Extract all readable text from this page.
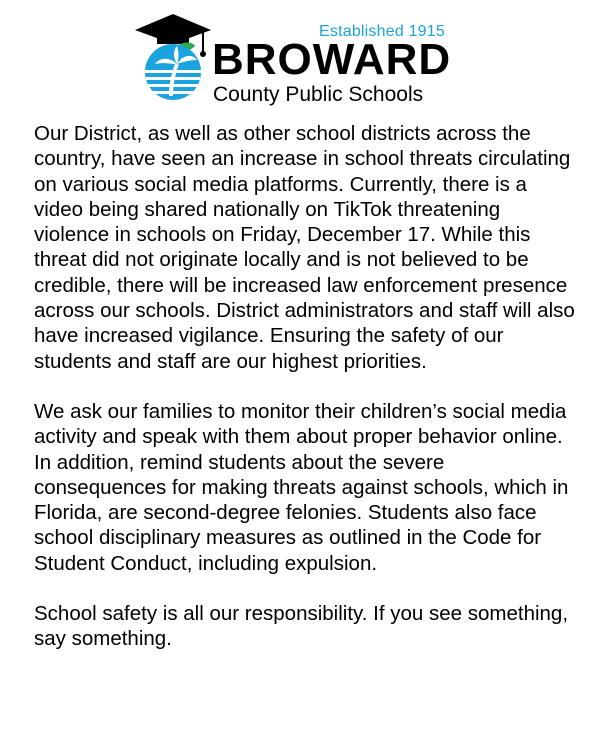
Established 1915
BROWARD
County Public Schools

Our District, as well as other school districts across the country, have seen an increase in school threats circulating on various social media platforms. Currently, there is a video being shared nationally on TikTok threatening violence in schools on Friday, December 17. While this threat did not originate locally and is not believed to be credible, there will be increased law enforcement presence across our schools. District administrators and staff will also have increased vigilance. Ensuring the safety of our students and staff are our highest priorities.

We ask our families to monitor their children’s social media activity and speak with them about proper behavior online. In addition, remind students about the severe consequences for making threats against schools, which in Florida, are second-degree felonies. Students also face school disciplinary measures as outlined in the Code for Student Conduct, including expulsion.

School safety is all our responsibility. If you see something, say something.
